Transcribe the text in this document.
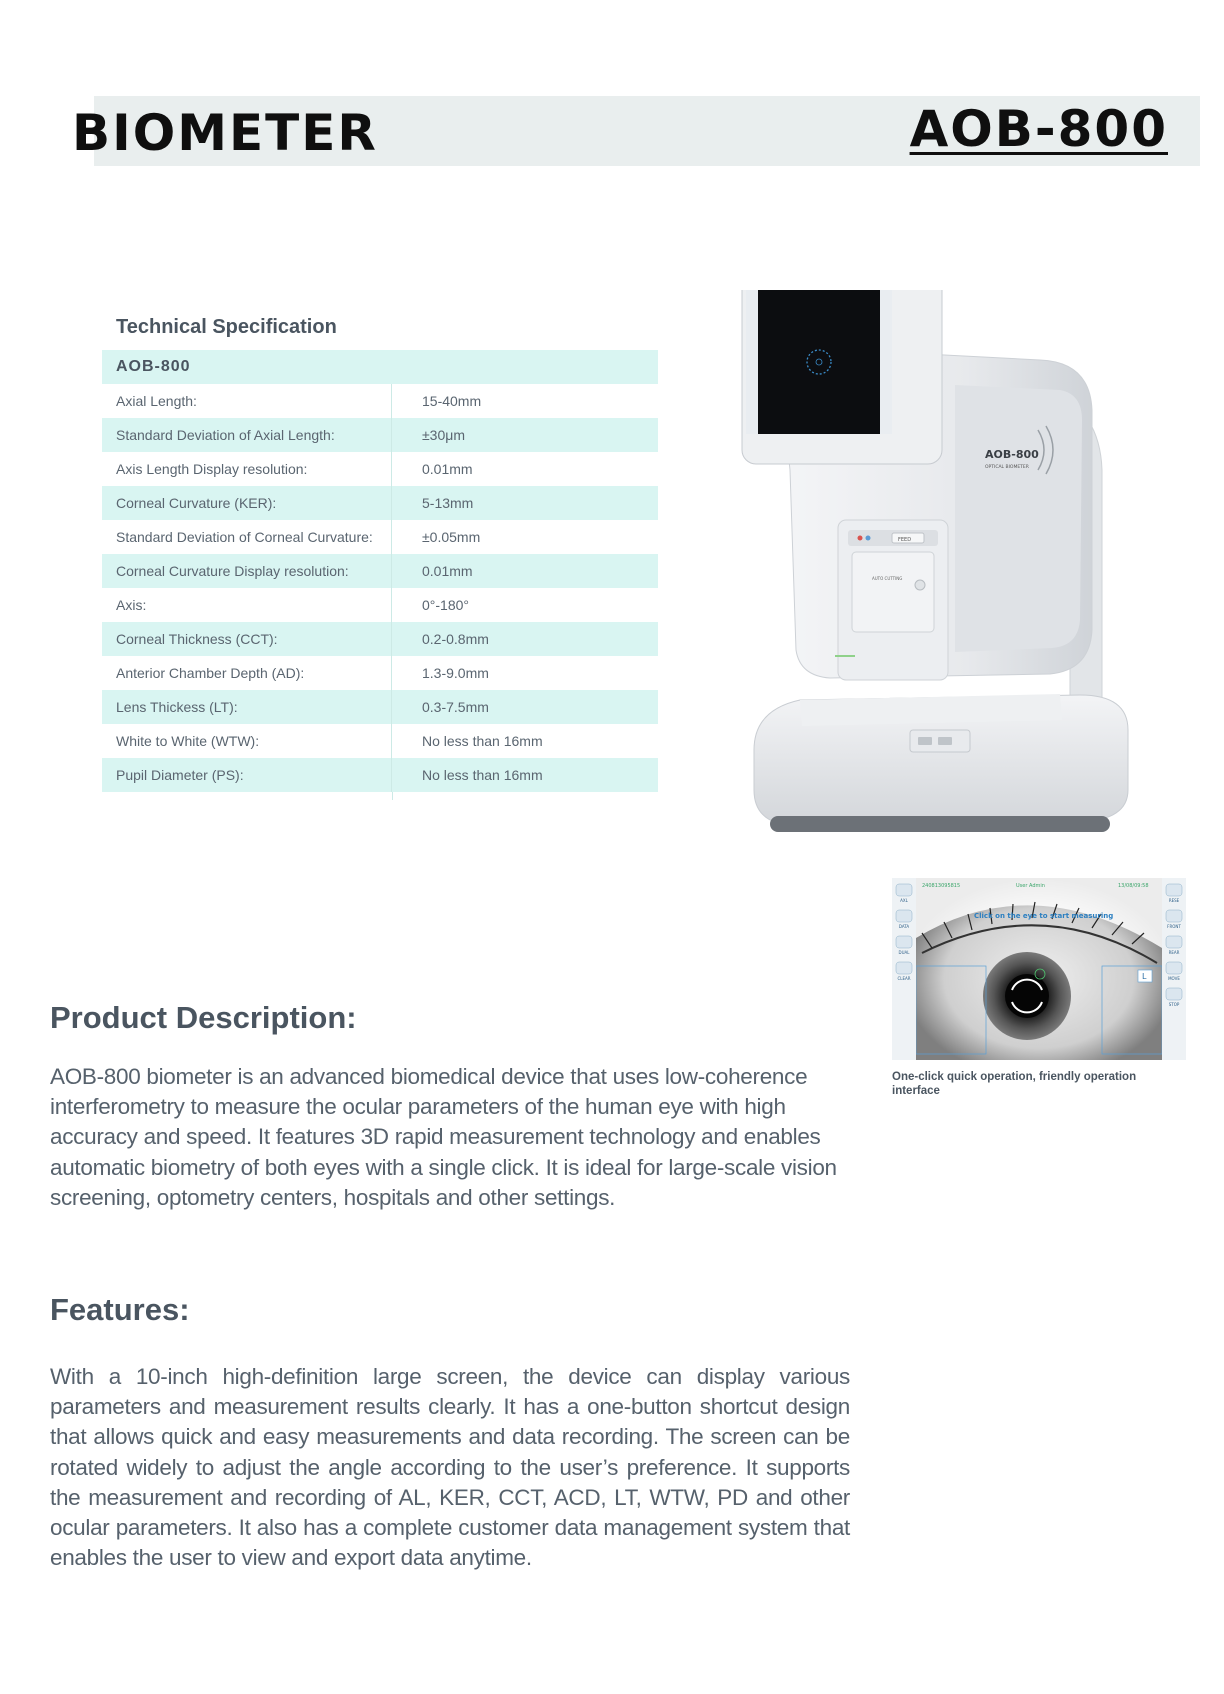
BIOMETER	AOB-800
Technical Specification
AOB-800
Axial Length:	15-40mm
Standard Deviation of Axial Length:	±30μm
Axis Length Display resolution:	0.01mm
Corneal Curvature (KER):	5-13mm
Standard Deviation of Corneal Curvature:	±0.05mm
Corneal Curvature Display resolution:	0.01mm
Axis:	0°-180°
Corneal Thickness (CCT):	0.2-0.8mm
Anterior Chamber Depth (AD):	1.3-9.0mm
Lens Thickess (LT):	0.3-7.5mm
White to White (WTW):	No less than 16mm
Pupil Diameter (PS):	No less than 16mm
AOB-800
OPTICAL BIOMETER
FEED
AUTO CUTTING
L
240813095815	User Admin	13/08/09:58
Click on the eye to start measuring
AXL
DATA
DUAL
CLEAR
RESE
FRONT
REAR
MOVE
STOP
One-click quick operation, friendly operation interface
Product Description:
AOB-800 biometer is an advanced biomedical device that uses low-coherence interferometry to measure the ocular parameters of the human eye with high accuracy and speed. It features 3D rapid measurement technology and enables automatic biometry of both eyes with a single click. It is ideal for large-scale vision screening, optometry centers, hospitals and other settings.
Features:
With a 10-inch high-definition large screen, the device can display various parameters and measurement results clearly. It has a one-button shortcut design that allows quick and easy measurements and data recording. The screen can be rotated widely to adjust the angle according to the user’s preference. It supports the measurement and recording of AL, KER, CCT, ACD, LT, WTW, PD and other ocular parameters. It also has a complete customer data management system that enables the user to view and export data anytime.
